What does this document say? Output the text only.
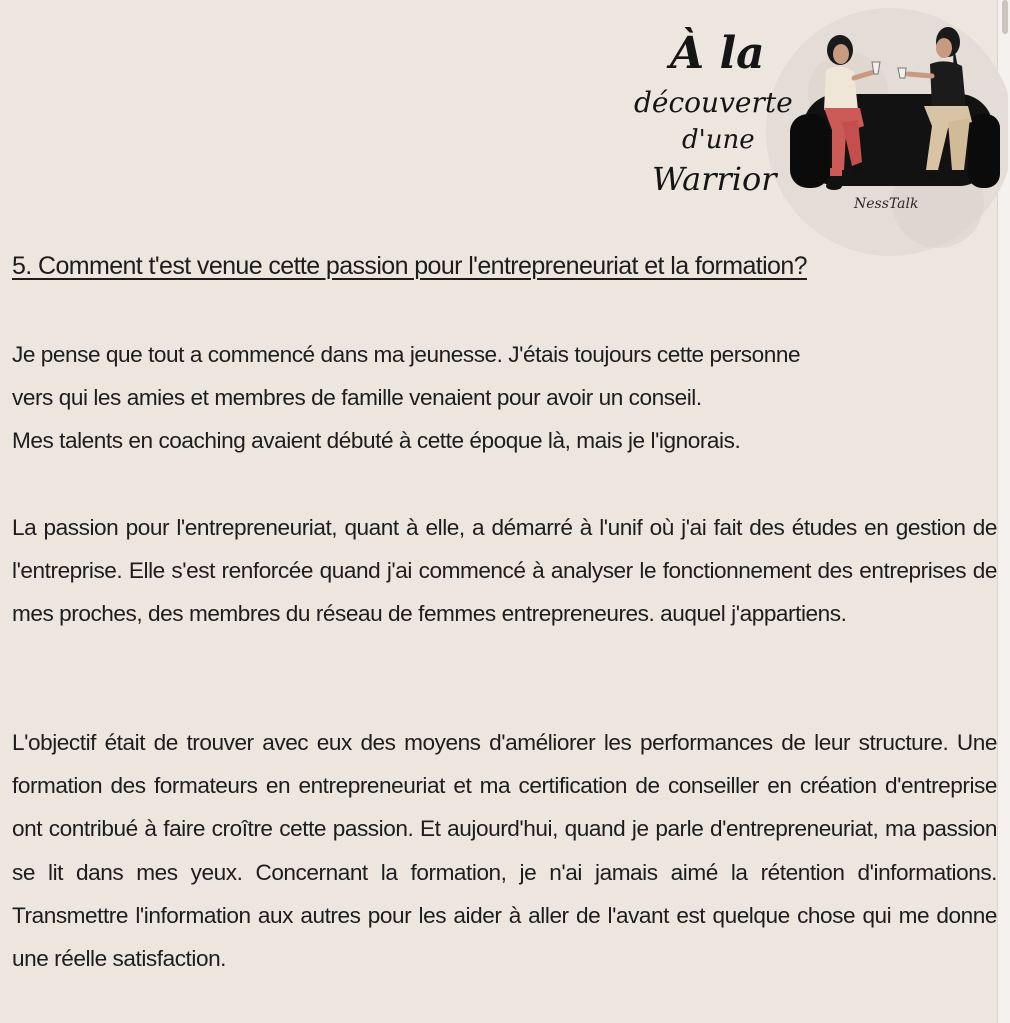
À la
découverte
d'une
Warrior
NessTalk
5. Comment t'est venue cette passion pour l'entrepreneuriat et la formation?
Je pense que tout a commencé dans ma jeunesse. J'étais toujours cette personne
vers qui les amies et membres de famille venaient pour avoir un conseil.
Mes talents en coaching avaient débuté à cette époque là, mais je l'ignorais.

La passion pour l'entrepreneuriat, quant à elle, a démarré à l'unif où j'ai fait des études en gestion de l'entreprise. Elle s'est renforcée quand j'ai commencé à analyser le fonctionnement des entreprises de mes proches, des membres du réseau de femmes entrepreneures. auquel j'appartiens.

L'objectif était de trouver avec eux des moyens d'améliorer les performances de leur structure. Une formation des formateurs en entrepreneuriat et ma certification de conseiller en création d'entreprise ont contribué à faire croître cette passion. Et aujourd'hui, quand je parle d'entrepreneuriat, ma passion se lit dans mes yeux. Concernant la formation, je n'ai jamais aimé la rétention d'informations. Transmettre l'information aux autres pour les aider à aller de l'avant est quelque chose qui me donne une réelle satisfaction.
